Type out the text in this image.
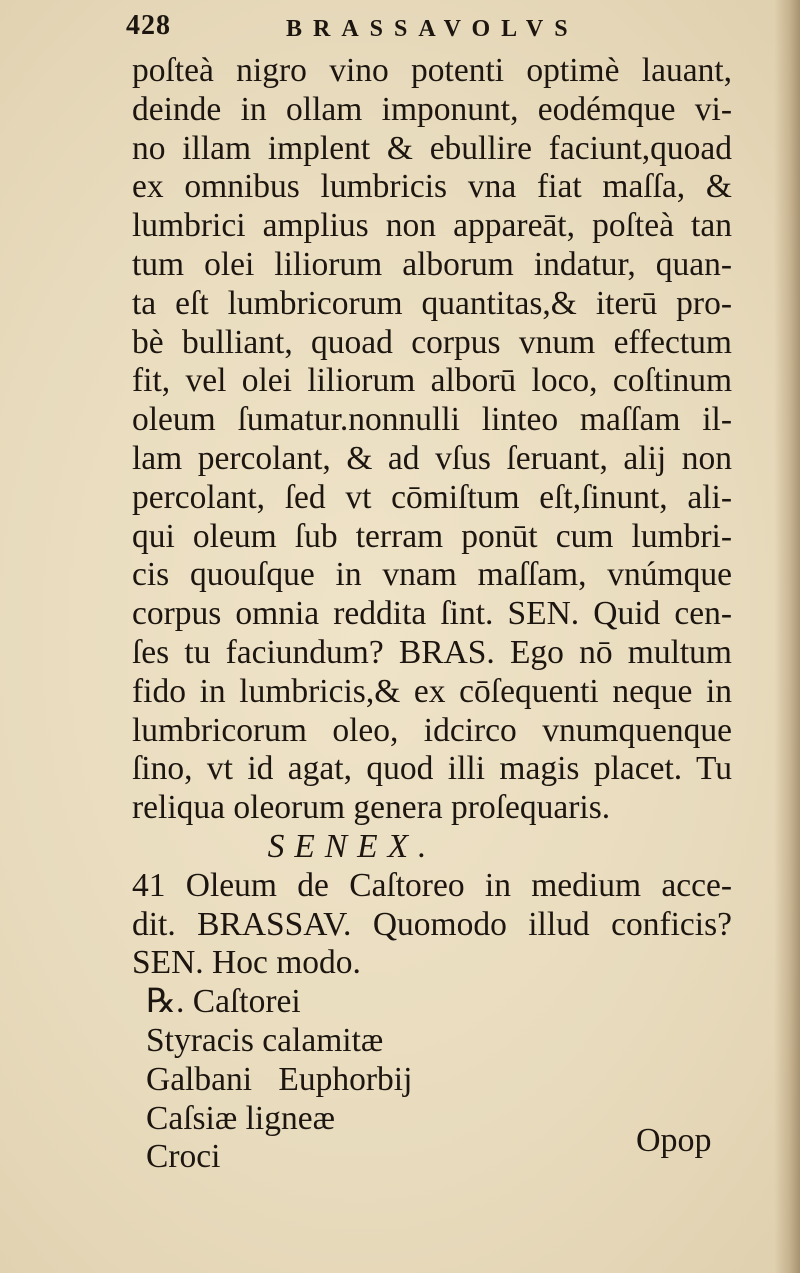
428	BRASSAVOLVS
poſteà nigro vino potenti optimè lauant,
deinde in ollam imponunt, eodémque vi-
no illam implent & ebullire faciunt,quoad
ex omnibus lumbricis vna fiat maſſa, &
lumbrici amplius non appareāt, poſteà tan
tum olei liliorum alborum indatur, quan-
ta eſt lumbricorum quantitas,& iterū pro-
bè bulliant, quoad corpus vnum effectum
fit, vel olei liliorum alborū loco, coſtinum
oleum ſumatur.nonnulli linteo maſſam il-
lam percolant, & ad vſus ſeruant, alij non
percolant, ſed vt cōmiſtum eſt,ſinunt, ali-
qui oleum ſub terram ponūt cum lumbri-
cis quouſque in vnam maſſam, vnúmque
corpus omnia reddita ſint. SEN. Quid cen-
ſes tu faciundum? BRAS. Ego nō multum
fido in lumbricis,& ex cōſequenti neque in
lumbricorum oleo, idcirco vnumquenque
ſino, vt id agat, quod illi magis placet. Tu
reliqua oleorum genera proſequaris.
SENEX.
41 Oleum de Caſtoreo in medium acce-
dit. BRASSAV. Quomodo illud conficis?
SEN. Hoc modo.
℞. Caſtorei
Styracis calamitæ
Galbani Euphorbij
Caſsiæ ligneæ
Croci	Opop
